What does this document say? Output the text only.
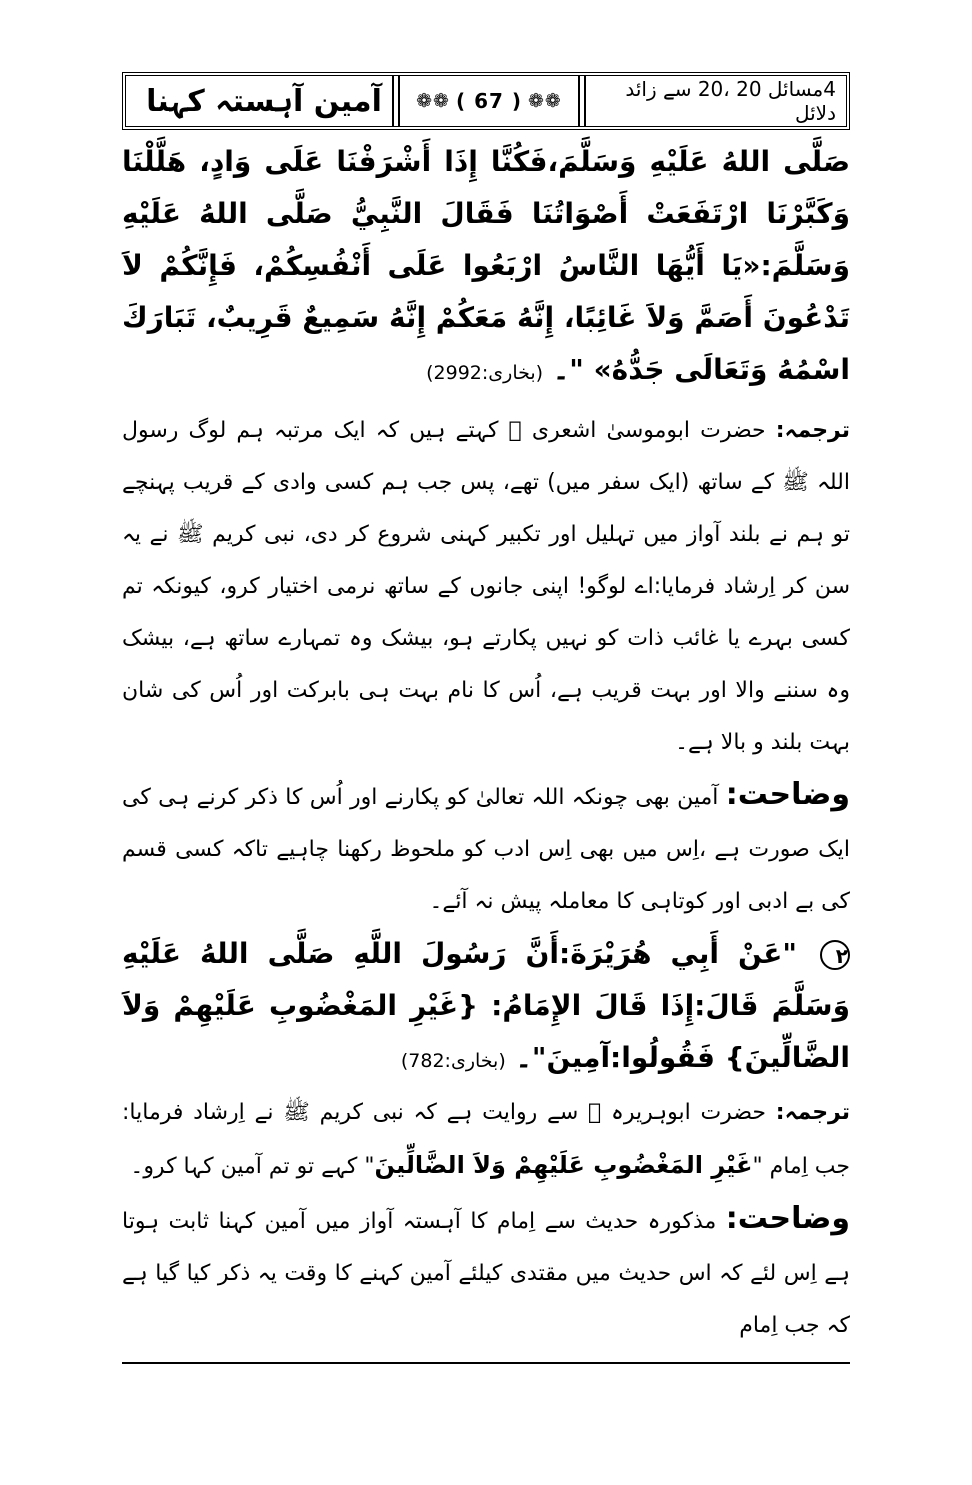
4مسائل 20 ،20 سے زائد دلائل
❁❁ ( 67 ) ❁❁
آمین آہستہ کہنا

صَلَّى اللهُ عَلَيْهِ وَسَلَّمَ،فَكُنَّا إِذَا أَشْرَفْنَا عَلَى وَادٍ، هَلَّلْنَا وَكَبَّرْنَا ارْتَفَعَتْ أَصْوَاتُنَا فَقَالَ النَّبِيُّ صَلَّى اللهُ عَلَيْهِ وَسَلَّمَ:«يَا أَيُّهَا النَّاسُ ارْبَعُوا عَلَى أَنْفُسِكُمْ، فَإِنَّكُمْ لاَ تَدْعُونَ أَصَمَّ وَلاَ غَائِبًا، إِنَّهُ مَعَكُمْ إِنَّهُ سَمِيعٌ قَرِيبٌ، تَبَارَكَ اسْمُهُ وَتَعَالَى جَدُّهُ» "۔ (بخاری:2992)

ترجمہ: حضرت ابوموسیٰ اشعری ﷜ کہتے ہیں کہ ایک مرتبہ ہم لوگ رسول اللہ ﷺ کے ساتھ (ایک سفر میں) تھے، پس جب ہم کسی وادی کے قریب پہنچے تو ہم نے بلند آواز میں تہلیل اور تکبیر کہنی شروع کر دی، نبی کریم ﷺ نے یہ سن کر اِرشاد فرمایا:اے لوگو! اپنی جانوں کے ساتھ نرمی اختیار کرو، کیونکہ تم کسی بہرے یا غائب ذات کو نہیں پکارتے ہو، بیشک وہ تمہارے ساتھ ہے، بیشک وہ سننے والا اور بہت قریب ہے، اُس کا نام بہت ہی بابرکت اور اُس کی شان بہت بلند و بالا ہے۔

وضاحت: آمین بھی چونکہ اللہ تعالیٰ کو پکارنے اور اُس کا ذکر کرنے ہی کی ایک صورت ہے ،اِس میں بھی اِس ادب کو ملحوظ رکھنا چاہیے تاکہ کسی قسم کی بے ادبی اور کوتاہی کا معاملہ پیش نہ آئے۔

٢ "عَنْ أَبِي هُرَيْرَةَ:أَنَّ رَسُولَ اللَّهِ صَلَّى اللهُ عَلَيْهِ وَسَلَّمَ قَالَ:إِذَا قَالَ الإِمَامُ: {غَيْرِ المَغْضُوبِ عَلَيْهِمْ وَلاَ الضَّالِّينَ} فَقُولُوا:آمِينَ"۔ (بخاری:782)

ترجمہ: حضرت ابوہریرہ ﷜ سے روایت ہے کہ نبی کریم ﷺ نے اِرشاد فرمایا: جب اِمام "غَيْرِ المَغْضُوبِ عَلَيْهِمْ وَلاَ الضَّالِّينَ" کہے تو تم آمین کہا کرو۔

وضاحت: مذکورہ حدیث سے اِمام کا آہستہ آواز میں آمین کہنا ثابت ہوتا ہے اِس لئے کہ اس حدیث میں مقتدی کیلئے آمین کہنے کا وقت یہ ذکر کیا گیا ہے کہ جب اِمام
